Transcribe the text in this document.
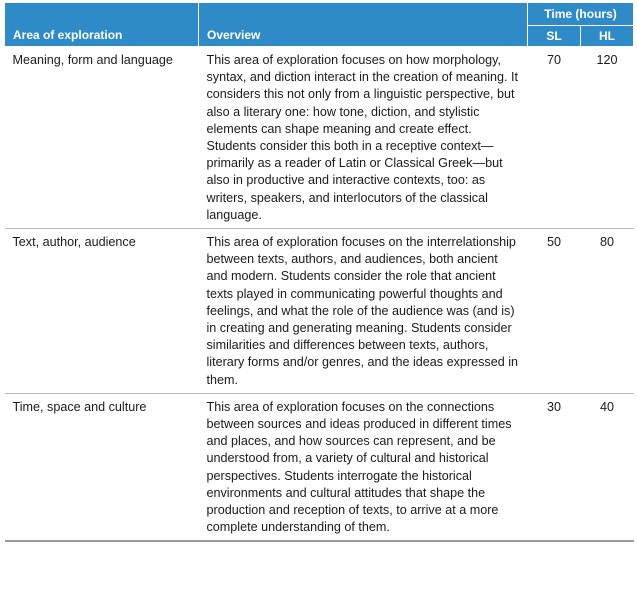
Area of exploration	Overview	Time (hours)	
		SL	HL
Meaning, form and language	This area of exploration focuses on how morphology, syntax, and diction interact in the creation of meaning. It considers this not only from a linguistic perspective, but also a literary one: how tone, diction, and stylistic elements can shape meaning and create effect. Students consider this both in a receptive context—primarily as a reader of Latin or Classical Greek—but also in productive and interactive contexts, too: as writers, speakers, and interlocutors of the classical language.	70	120
Text, author, audience	This area of exploration focuses on the interrelationship between texts, authors, and audiences, both ancient and modern. Students consider the role that ancient texts played in communicating powerful thoughts and feelings, and what the role of the audience was (and is) in creating and generating meaning. Students consider similarities and differences between texts, authors, literary forms and/or genres, and the ideas expressed in them.	50	80
Time, space and culture	This area of exploration focuses on the connections between sources and ideas produced in different times and places, and how sources can represent, and be understood from, a variety of cultural and historical perspectives. Students interrogate the historical environments and cultural attitudes that shape the production and reception of texts, to arrive at a more complete understanding of them.	30	40
